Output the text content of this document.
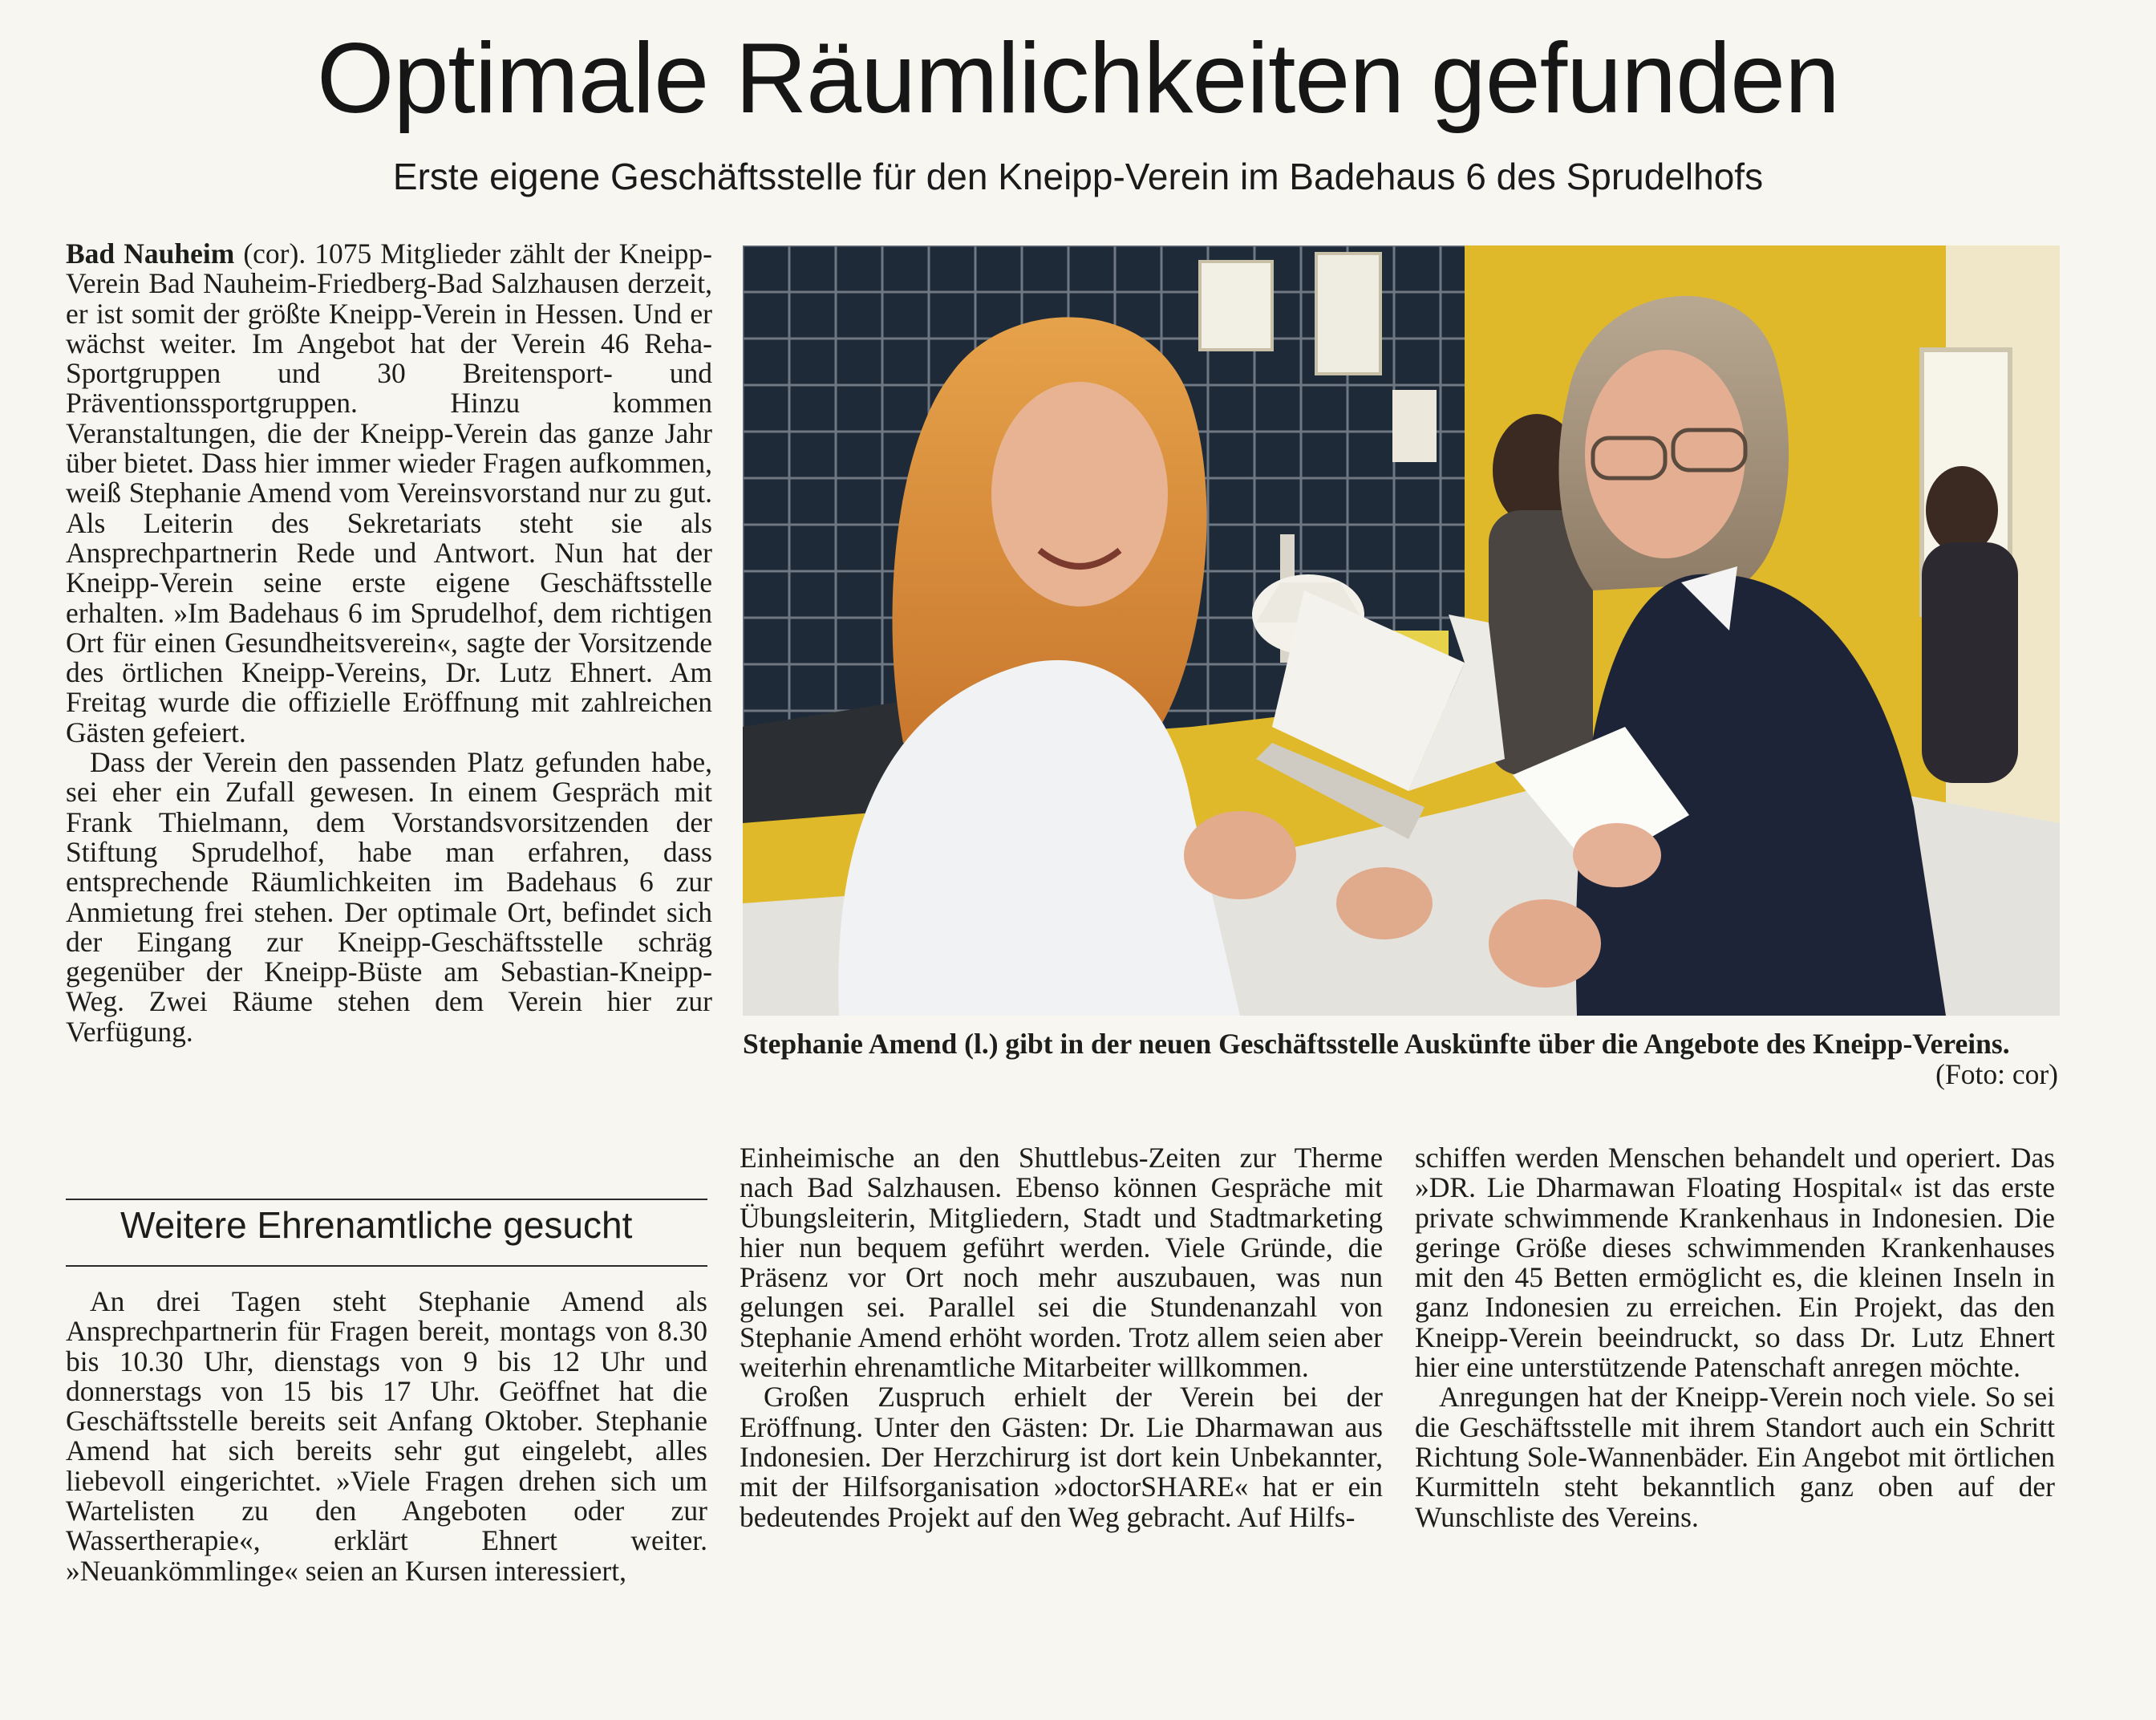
Optimale Räumlichkeiten gefunden
Erste eigene Geschäftsstelle für den Kneipp-Verein im Badehaus 6 des Sprudelhofs

Bad Nauheim (cor). 1075 Mitglieder zählt der Kneipp-Verein Bad Nauheim-Friedberg-Bad Salzhausen derzeit, er ist somit der größte Kneipp-Verein in Hessen. Und er wächst weiter. Im Angebot hat der Verein 46 Reha-Sportgruppen und 30 Breitensport- und Präventionssportgruppen. Hinzu kommen Veranstaltungen, die der Kneipp-Verein das ganze Jahr über bietet. Dass hier immer wieder Fragen aufkommen, weiß Stephanie Amend vom Vereinsvorstand nur zu gut. Als Leiterin des Sekretariats steht sie als Ansprechpartnerin Rede und Antwort. Nun hat der Kneipp-Verein seine erste eigene Geschäftsstelle erhalten. »Im Badehaus 6 im Sprudelhof, dem richtigen Ort für einen Gesundheitsverein«, sagte der Vorsitzende des örtlichen Kneipp-Vereins, Dr. Lutz Ehnert. Am Freitag wurde die offizielle Eröffnung mit zahlreichen Gästen gefeiert.

Dass der Verein den passenden Platz gefunden habe, sei eher ein Zufall gewesen. In einem Gespräch mit Frank Thielmann, dem Vorstandsvorsitzenden der Stiftung Sprudelhof, habe man erfahren, dass entsprechende Räumlichkeiten im Badehaus 6 zur Anmietung frei stehen. Der optimale Ort, befindet sich der Eingang zur Kneipp-Geschäftsstelle schräg gegenüber der Kneipp-Büste am Sebastian-Kneipp-Weg. Zwei Räume stehen dem Verein hier zur Verfügung.

Weitere Ehrenamtliche gesucht

An drei Tagen steht Stephanie Amend als Ansprechpartnerin für Fragen bereit, montags von 8.30 bis 10.30 Uhr, dienstags von 9 bis 12 Uhr und donnerstags von 15 bis 17 Uhr. Geöffnet hat die Geschäftsstelle bereits seit Anfang Oktober. Stephanie Amend hat sich bereits sehr gut eingelebt, alles liebevoll eingerichtet. »Viele Fragen drehen sich um Wartelisten zu den Angeboten oder zur Wassertherapie«, erklärt Ehnert weiter. »Neuankömmlinge« seien an Kursen interessiert,

Stephanie Amend (l.) gibt in der neuen Geschäftsstelle Auskünfte über die Angebote des Kneipp-Vereins.
(Foto: cor)

Einheimische an den Shuttlebus-Zeiten zur Therme nach Bad Salzhausen. Ebenso können Gespräche mit Übungsleiterin, Mitgliedern, Stadt und Stadtmarketing hier nun bequem geführt werden. Viele Gründe, die Präsenz vor Ort noch mehr auszubauen, was nun gelungen sei. Parallel sei die Stundenanzahl von Stephanie Amend erhöht worden. Trotz allem seien aber weiterhin ehrenamtliche Mitarbeiter willkommen.

Großen Zuspruch erhielt der Verein bei der Eröffnung. Unter den Gästen: Dr. Lie Dharmawan aus Indonesien. Der Herzchirurg ist dort kein Unbekannter, mit der Hilfsorganisation »doctorSHARE« hat er ein bedeutendes Projekt auf den Weg gebracht. Auf Hilfs-

schiffen werden Menschen behandelt und operiert. Das »DR. Lie Dharmawan Floating Hospital« ist das erste private schwimmende Krankenhaus in Indonesien. Die geringe Größe dieses schwimmenden Krankenhauses mit den 45 Betten ermöglicht es, die kleinen Inseln in ganz Indonesien zu erreichen. Ein Projekt, das den Kneipp-Verein beeindruckt, so dass Dr. Lutz Ehnert hier eine unterstützende Patenschaft anregen möchte.

Anregungen hat der Kneipp-Verein noch viele. So sei die Geschäftsstelle mit ihrem Standort auch ein Schritt Richtung Sole-Wannenbäder. Ein Angebot mit örtlichen Kurmitteln steht bekanntlich ganz oben auf der Wunschliste des Vereins.
